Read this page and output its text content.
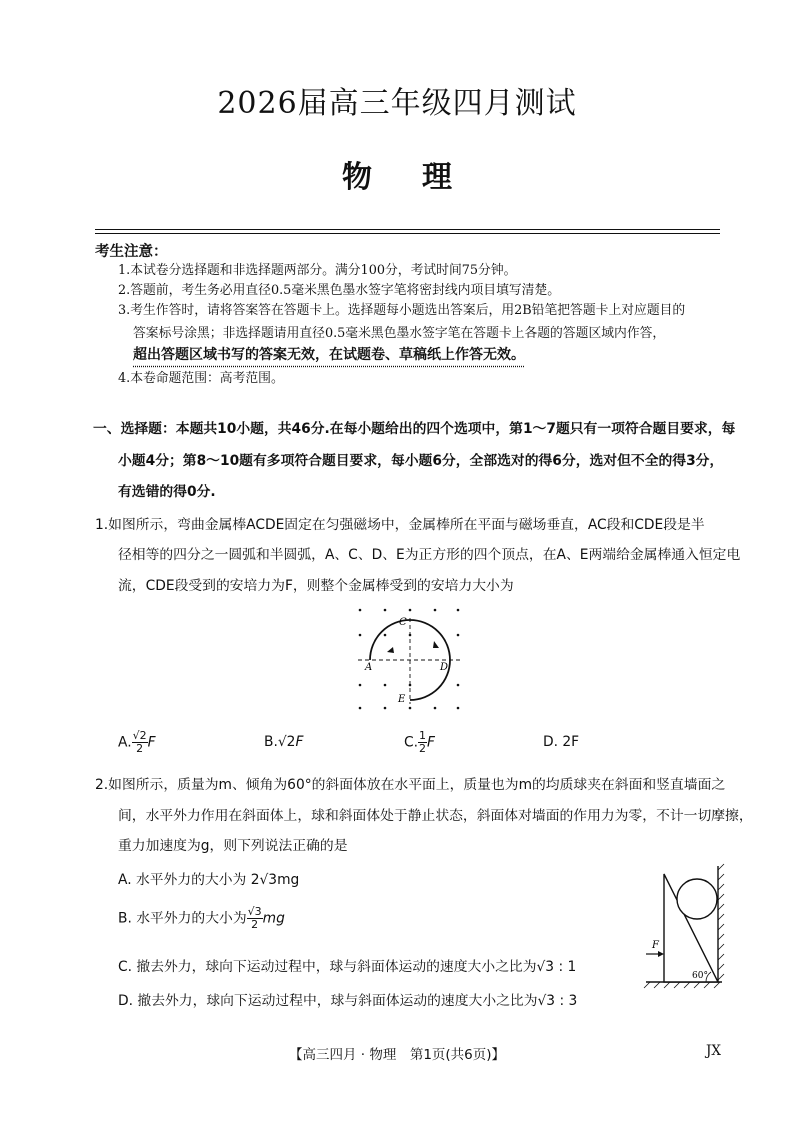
2026届高三年级四月测试
物理
考生注意：
1.本试卷分选择题和非选择题两部分。满分100分，考试时间75分钟。
2.答题前，考生务必用直径0.5毫米黑色墨水签字笔将密封线内项目填写清楚。
3.考生作答时，请将答案答在答题卡上。选择题每小题选出答案后，用2B铅笔把答题卡上对应题目的
答案标号涂黑；非选择题请用直径0.5毫米黑色墨水签字笔在答题卡上各题的答题区域内作答，
超出答题区域书写的答案无效，在试题卷、草稿纸上作答无效。
4.本卷命题范围：高考范围。
一、选择题：本题共10小题，共46分.在每小题给出的四个选项中，第1～7题只有一项符合题目要求，每
小题4分；第8～10题有多项符合题目要求，每小题6分，全部选对的得6分，选对但不全的得3分，
有选错的得0分.
1.如图所示，弯曲金属棒ACDE固定在匀强磁场中，金属棒所在平面与磁场垂直，AC段和CDE段是半
径相等的四分之一圆弧和半圆弧，A、C、D、E为正方形的四个顶点，在A、E两端给金属棒通入恒定电
流，CDE段受到的安培力为F，则整个金属棒受到的安培力大小为
A
C
D
E
A. $\frac{√2}{2}$ F	B.√2F	C. $\frac{1}{2}$ F	D. 2F
2.如图所示，质量为m、倾角为60°的斜面体放在水平面上，质量也为m的均质球夹在斜面和竖直墙面之
间，水平外力作用在斜面体上，球和斜面体处于静止状态，斜面体对墙面的作用力为零，不计一切摩擦，
重力加速度为g，则下列说法正确的是
A. 水平外力的大小为 2√3mg
B. 水平外力的大小为 $\frac{√3}{2}$ mg
C. 撤去外力，球向下运动过程中，球与斜面体运动的速度大小之比为√3 : 1
D. 撤去外力，球向下运动过程中，球与斜面体运动的速度大小之比为√3 : 3
F
60°
【高三四月 · 物理　第1页(共6页)】	JX
